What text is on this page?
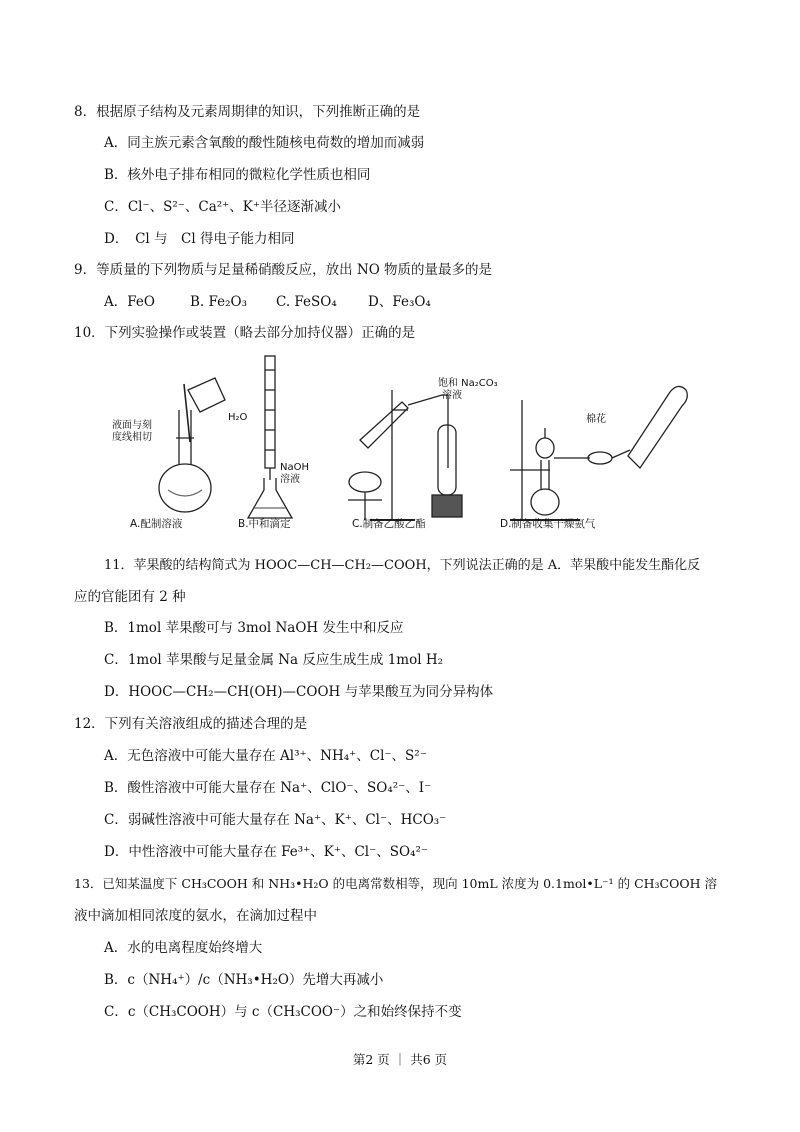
8．根据原子结构及元素周期律的知识，下列推断正确的是
A．同主族元素含氧酸的酸性随核电荷数的增加而减弱
B．核外电子排布相同的微粒化学性质也相同
C．Cl⁻、S²⁻、Ca²⁺、K⁺半径逐渐减小
D．　Cl 与　Cl 得电子能力相同
9．等质量的下列物质与足量稀硝酸反应，放出 NO 物质的量最多的是
A．FeO	B. Fe₂O₃ C. FeSO₄ D、Fe₃O₄
10．下列实验操作或装置（略去部分加持仪器）正确的是
液面与刻
度线相切
H₂O
NaOH
溶液
饱和 Na₂CO₃
溶液
棉花
A.配制溶液	B.中和滴定	C.制备乙酸乙酯	D.制备收集干燥氨气
11．苹果酸的结构简式为 HOOC—CH—CH₂—COOH，下列说法正确的是 A．苹果酸中能发生酯化反
应的官能团有 2 种
B．1mol 苹果酸可与 3mol NaOH 发生中和反应
C．1mol 苹果酸与足量金属 Na 反应生成生成 1mol H₂
D．HOOC—CH₂—CH(OH)—COOH 与苹果酸互为同分异构体
12．下列有关溶液组成的描述合理的是
A．无色溶液中可能大量存在 Al³⁺、NH₄⁺、Cl⁻、S²⁻
B．酸性溶液中可能大量存在 Na⁺、ClO⁻、SO₄²⁻、I⁻
C．弱碱性溶液中可能大量存在 Na⁺、K⁺、Cl⁻、HCO₃⁻
D．中性溶液中可能大量存在 Fe³⁺、K⁺、Cl⁻、SO₄²⁻
13．已知某温度下 CH₃COOH 和 NH₃•H₂O 的电离常数相等，现向 10mL 浓度为 0.1mol•L⁻¹ 的 CH₃COOH 溶
液中滴加相同浓度的氨水，在滴加过程中
A．水的电离程度始终增大
B．c（NH₄⁺）/c（NH₃•H₂O）先增大再减小
C．c（CH₃COOH）与 c（CH₃COO⁻）之和始终保持不变
第2 页 ｜ 共6 页
